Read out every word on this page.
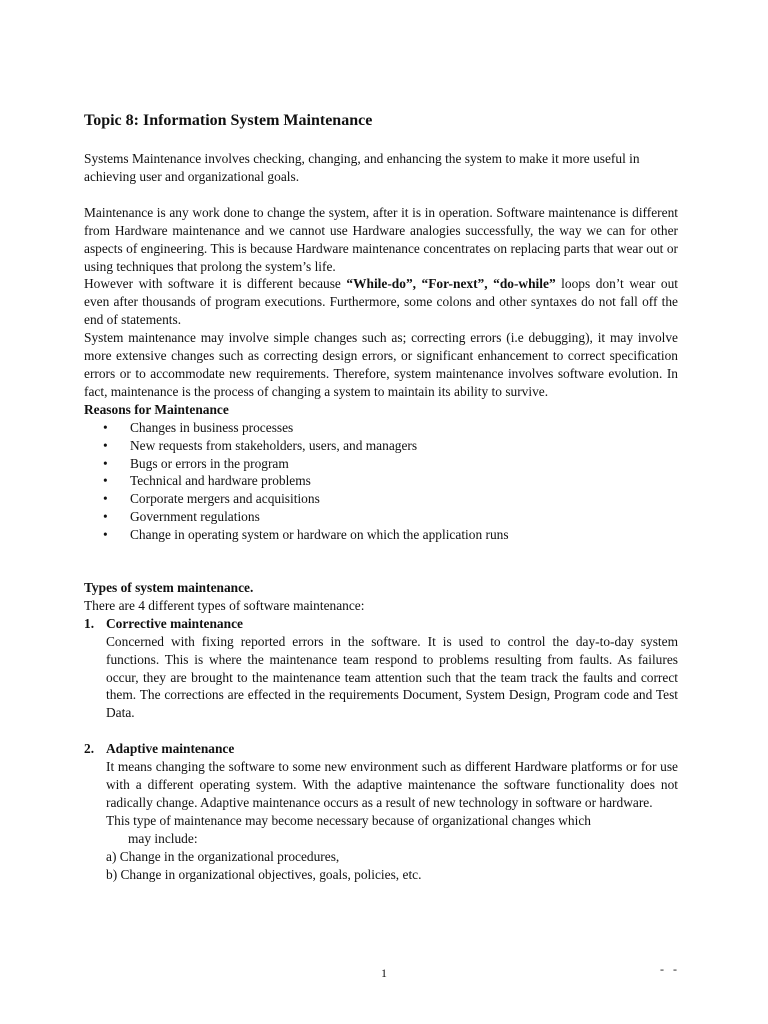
Topic 8: Information System Maintenance

Systems Maintenance involves checking, changing, and enhancing the system to make it more useful in achieving user and organizational goals.

Maintenance is any work done to change the system, after it is in operation. Software maintenance is different from Hardware maintenance and we cannot use Hardware analogies successfully, the way we can for other aspects of engineering. This is because Hardware maintenance concentrates on replacing parts that wear out or using techniques that prolong the system’s life.

However with software it is different because “While-do”, “For-next”, “do-while” loops don’t wear out even after thousands of program executions. Furthermore, some colons and other syntaxes do not fall off the end of statements.

System maintenance may involve simple changes such as; correcting errors (i.e debugging), it may involve more extensive changes such as correcting design errors, or significant enhancement to correct specification errors or to accommodate new requirements. Therefore, system maintenance involves software evolution. In fact, maintenance is the process of changing a system to maintain its ability to survive.

Reasons for Maintenance
• Changes in business processes
• New requests from stakeholders, users, and managers
• Bugs or errors in the program
• Technical and hardware problems
• Corporate mergers and acquisitions
• Government regulations
• Change in operating system or hardware on which the application runs
Types of system maintenance.

There are 4 different types of software maintenance:

1. Corrective maintenance

Concerned with fixing reported errors in the software. It is used to control the day-to-day system functions. This is where the maintenance team respond to problems resulting from faults. As failures occur, they are brought to the maintenance team attention such that the team track the faults and correct them. The corrections are effected in the requirements Document, System Design, Program code and Test Data.

2. Adaptive maintenance

It means changing the software to some new environment such as different Hardware platforms or for use with a different operating system. With the adaptive maintenance the software functionality does not radically change. Adaptive maintenance occurs as a result of new technology in software or hardware.

This type of maintenance may become necessary because of organizational changes which

may include:

a) Change in the organizational procedures,

b) Change in organizational objectives, goals, policies, etc.

1	- -
